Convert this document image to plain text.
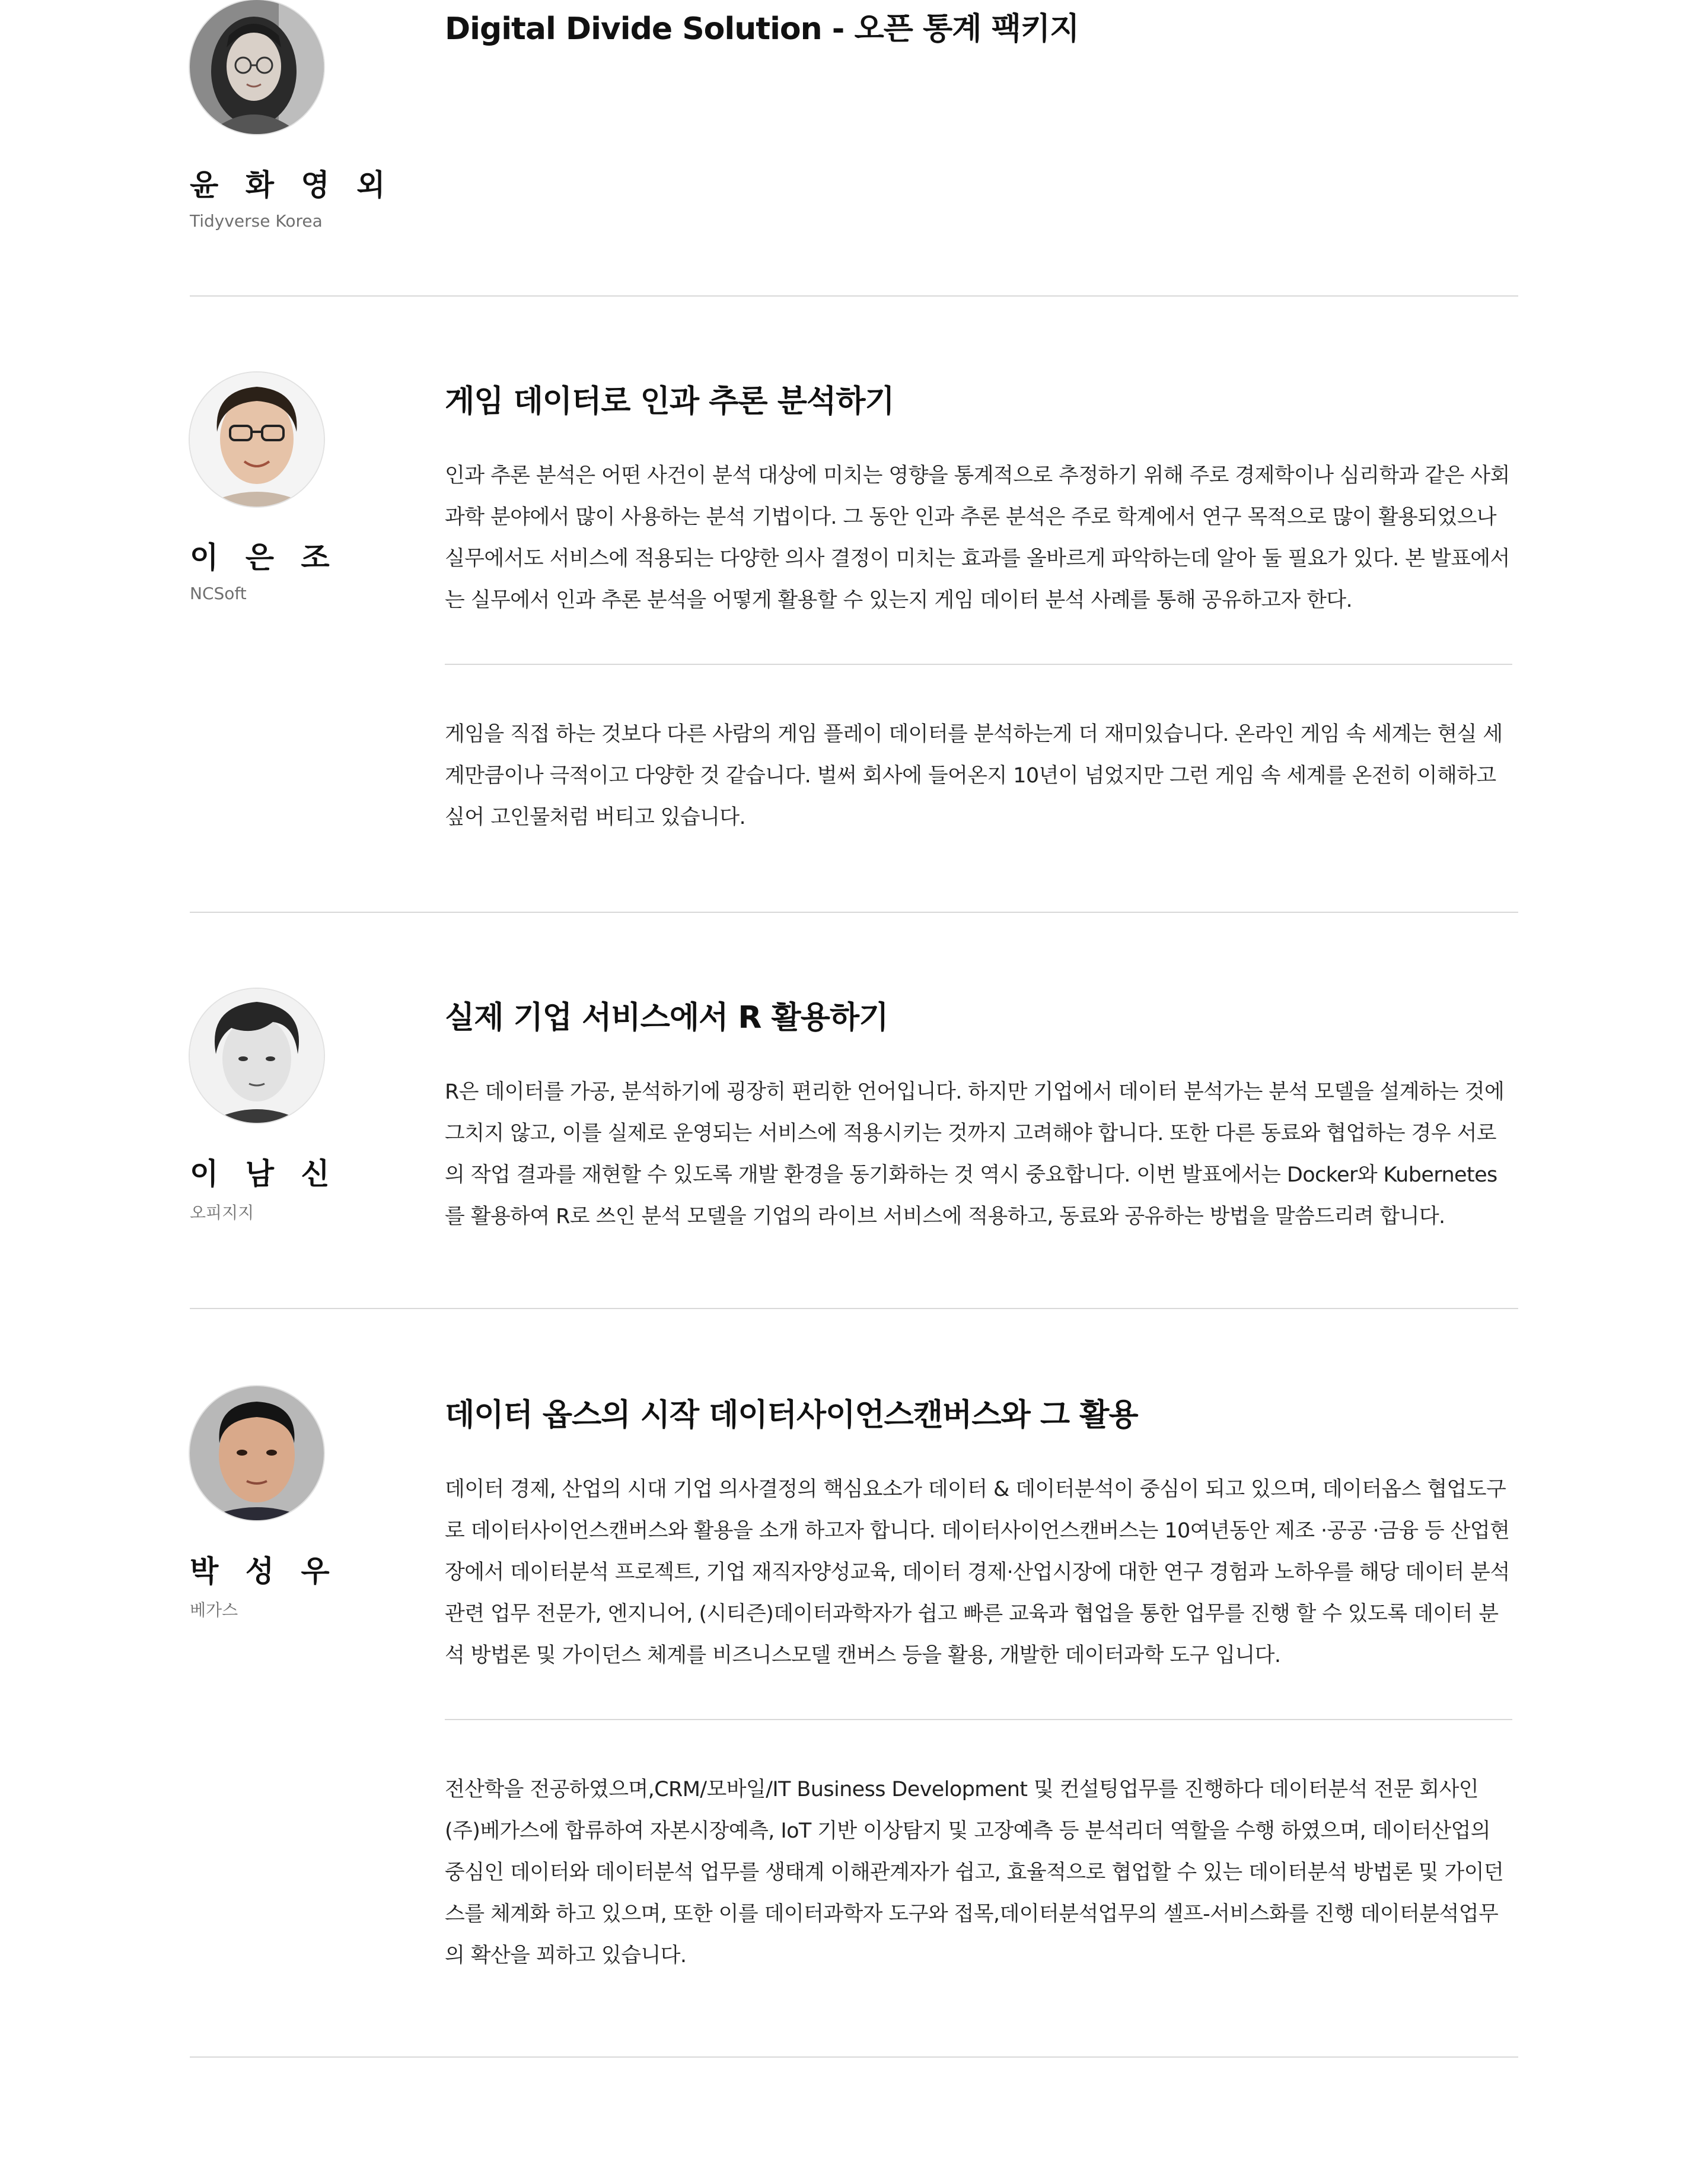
윤 화 영 외
Tidyverse Korea
Digital Divide Solution - 오픈 통계 팩키지
이 은 조
NCSoft
게임 데이터로 인과 추론 분석하기

인과 추론 분석은 어떤 사건이 분석 대상에 미치는 영향을 통계적으로 추정하기 위해 주로 경제학이나 심리학과 같은 사회과학 분야에서 많이 사용하는 분석 기법이다. 그 동안 인과 추론 분석은 주로 학계에서 연구 목적으로 많이 활용되었으나 실무에서도 서비스에 적용되는 다양한 의사 결정이 미치는 효과를 올바르게 파악하는데 알아 둘 필요가 있다. 본 발표에서는 실무에서 인과 추론 분석을 어떻게 활용할 수 있는지 게임 데이터 분석 사례를 통해 공유하고자 한다.

게임을 직접 하는 것보다 다른 사람의 게임 플레이 데이터를 분석하는게 더 재미있습니다. 온라인 게임 속 세계는 현실 세계만큼이나 극적이고 다양한 것 같습니다. 벌써 회사에 들어온지 10년이 넘었지만 그런 게임 속 세계를 온전히 이해하고 싶어 고인물처럼 버티고 있습니다.

이 남 신
오피지지
실제 기업 서비스에서 R 활용하기

R은 데이터를 가공, 분석하기에 굉장히 편리한 언어입니다. 하지만 기업에서 데이터 분석가는 분석 모델을 설계하는 것에 그치지 않고, 이를 실제로 운영되는 서비스에 적용시키는 것까지 고려해야 합니다. 또한 다른 동료와 협업하는 경우 서로의 작업 결과를 재현할 수 있도록 개발 환경을 동기화하는 것 역시 중요합니다. 이번 발표에서는 Docker와 Kubernetes를 활용하여 R로 쓰인 분석 모델을 기업의 라이브 서비스에 적용하고, 동료와 공유하는 방법을 말씀드리려 합니다.

박 성 우
베가스
데이터 옵스의 시작 데이터사이언스캔버스와 그 활용

데이터 경제, 산업의 시대 기업 의사결정의 핵심요소가 데이터 & 데이터분석이 중심이 되고 있으며, 데이터옵스 협업도구로 데이터사이언스캔버스와 활용을 소개 하고자 합니다. 데이터사이언스캔버스는 10여년동안 제조 ·공공 ·금융 등 산업현장에서 데이터분석 프로젝트, 기업 재직자양성교육, 데이터 경제·산업시장에 대한 연구 경험과 노하우를 해당 데이터 분석 관련 업무 전문가, 엔지니어, (시티즌)데이터과학자가 쉽고 빠른 교육과 협업을 통한 업무를 진행 할 수 있도록 데이터 분석 방법론 및 가이던스 체계를 비즈니스모델 캔버스 등을 활용, 개발한 데이터과학 도구 입니다.

전산학을 전공하였으며,CRM/모바일/IT Business Development 및 컨설팅업무를 진행하다 데이터분석 전문 회사인 (주)베가스에 합류하여 자본시장예측, IoT 기반 이상탐지 및 고장예측 등 분석리더 역할을 수행 하였으며, 데이터산업의 중심인 데이터와 데이터분석 업무를 생태계 이해관계자가 쉽고, 효율적으로 협업할 수 있는 데이터분석 방법론 및 가이던스를 체계화 하고 있으며, 또한 이를 데이터과학자 도구와 접목,데이터분석업무의 셀프-서비스화를 진행 데이터분석업무의 확산을 꾀하고 있습니다.
